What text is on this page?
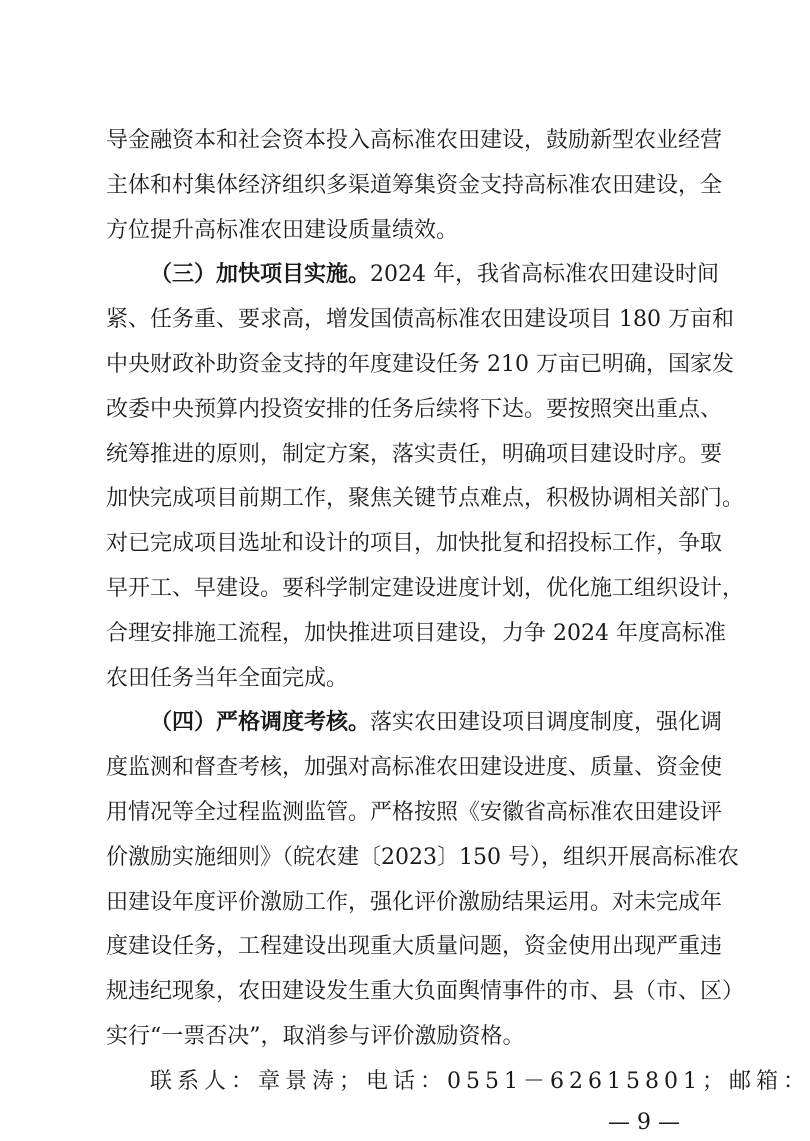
导金融资本和社会资本投入高标准农田建设，鼓励新型农业经营
主体和村集体经济组织多渠道筹集资金支持高标准农田建设，全
方位提升高标准农田建设质量绩效。
（三）加快项目实施。2024 年，我省高标准农田建设时间
紧、任务重、要求高，增发国债高标准农田建设项目 180 万亩和
中央财政补助资金支持的年度建设任务 210 万亩已明确，国家发
改委中央预算内投资安排的任务后续将下达。要按照突出重点、
统筹推进的原则，制定方案，落实责任，明确项目建设时序。要
加快完成项目前期工作，聚焦关键节点难点，积极协调相关部门。
对已完成项目选址和设计的项目，加快批复和招投标工作，争取
早开工、早建设。要科学制定建设进度计划，优化施工组织设计，
合理安排施工流程，加快推进项目建设，力争 2024 年度高标准
农田任务当年全面完成。
（四）严格调度考核。落实农田建设项目调度制度，强化调
度监测和督查考核，加强对高标准农田建设进度、质量、资金使
用情况等全过程监测监管。严格按照《安徽省高标准农田建设评
价激励实施细则》（皖农建〔2023〕150 号），组织开展高标准农
田建设年度评价激励工作，强化评价激励结果运用。对未完成年
度建设任务，工程建设出现重大质量问题，资金使用出现严重违
规违纪现象，农田建设发生重大负面舆情事件的市、县（市、区）
实行“一票否决”，取消参与评价激励资格。
联系人：章景涛；电话：0551－62615801；邮箱：
— 9 —
